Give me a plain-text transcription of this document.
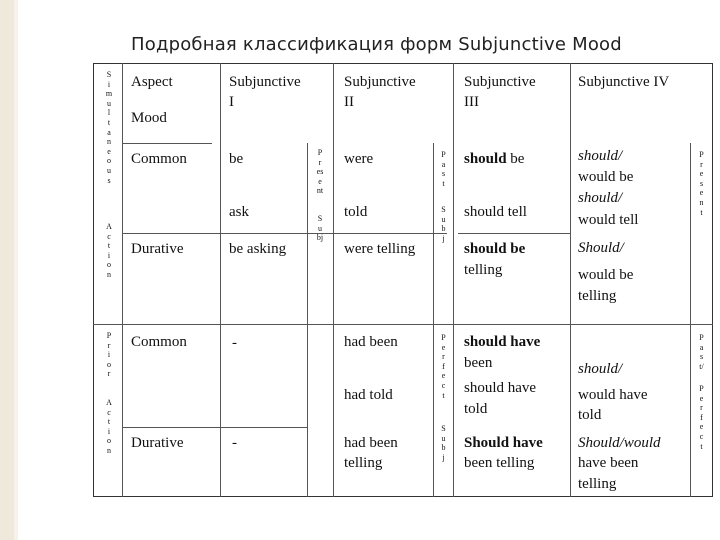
Подробная классификация форм Subjunctive Mood
S
i
m
u
l
t
a
n
e
o
u
s
A
c
t
i
o
n
P
r
i
o
r
A
c
t
i
o
n
Aspect
Mood
Subjunctive
I
Subjunctive
II
Subjunctive
III
Subjunctive IV
Common
Durative
Common
Durative
be
ask
be asking
-
-
P
r
es
e
nt
S
u
bj
were
told
were telling
had been
had told
had been
telling
P
a
s
t
S
u
b
j
P
e
r
f
e
c
t
S
u
b
j
should be
should tell
should be
telling
should have
been
should have
told
Should have
been telling
should/
would be
should/
would tell
Should/
would be
telling
should/
would have
told
Should/would
have been
telling
P
r
e
s
e
n
t
P
a
s
t/
P
e
r
f
e
c
t
